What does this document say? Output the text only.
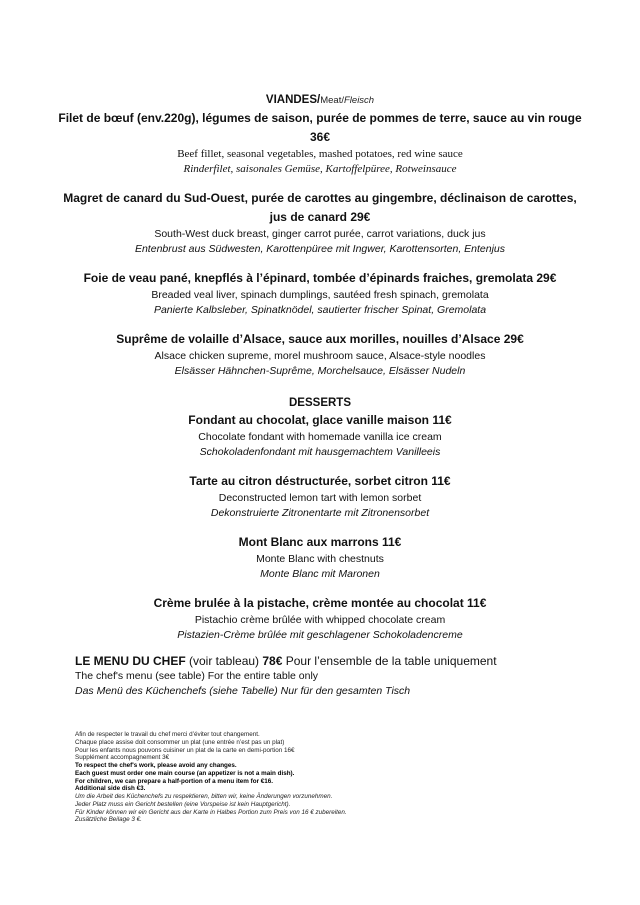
VIANDES/Meat/Fleisch
Filet de bœuf (env.220g), légumes de saison, purée de pommes de terre, sauce au vin rouge 36€
Beef fillet, seasonal vegetables, mashed potatoes, red wine sauce
Rinderfilet, saisonales Gemüse, Kartoffelpüree, Rotweinsauce
Magret de canard du Sud-Ouest, purée de carottes au gingembre, déclinaison de carottes, jus de canard 29€
South-West duck breast, ginger carrot purée, carrot variations, duck jus
Entenbrust aus Südwesten, Karottenpüree mit Ingwer, Karottensorten, Entenjus
Foie de veau pané, knepflés à l’épinard, tombée d’épinards fraiches, gremolata 29€
Breaded veal liver, spinach dumplings, sautéed fresh spinach, gremolata
Panierte Kalbsleber, Spinatknödel, sautierter frischer Spinat, Gremolata
Suprême de volaille d’Alsace, sauce aux morilles, nouilles d’Alsace 29€
Alsace chicken supreme, morel mushroom sauce, Alsace-style noodles
Elsässer Hähnchen-Suprême, Morchelsauce, Elsässer Nudeln
DESSERTS
Fondant au chocolat, glace vanille maison 11€
Chocolate fondant with homemade vanilla ice cream
Schokoladenfondant mit hausgemachtem Vanilleeis
Tarte au citron déstructurée, sorbet citron 11€
Deconstructed lemon tart with lemon sorbet
Dekonstruierte Zitronentarte mit Zitronensorbet
Mont Blanc aux marrons 11€
Monte Blanc with chestnuts
Monte Blanc mit Maronen
Crème brulée à la pistache, crème montée au chocolat 11€
Pistachio crème brûlée with whipped chocolate cream
Pistazien-Crème brûlée mit geschlagener Schokoladencreme
LE MENU DU CHEF (voir tableau) 78€ Pour l’ensemble de la table uniquement
The chef's menu (see table) For the entire table only
Das Menü des Küchenchefs (siehe Tabelle) Nur für den gesamten Tisch
Afin de respecter le travail du chef merci d’éviter tout changement.
Chaque place assise doit consommer un plat (une entrée n’est pas un plat)
Pour les enfants nous pouvons cuisiner un plat de la carte en demi-portion 16€
Supplément accompagnement 3€
To respect the chef's work, please avoid any changes.
Each guest must order one main course (an appetizer is not a main dish).
For children, we can prepare a half-portion of a menu item for €16.
Additional side dish €3.
Um die Arbeit des Küchenchefs zu respektieren, bitten wir, keine Änderungen vorzunehmen.
Jeder Platz muss ein Gericht bestellen (eine Vorspeise ist kein Hauptgericht).
Für Kinder können wir ein Gericht aus der Karte in Halbes Portion zum Preis von 16 € zubereiten.
Zusätzliche Beilage 3 €.
